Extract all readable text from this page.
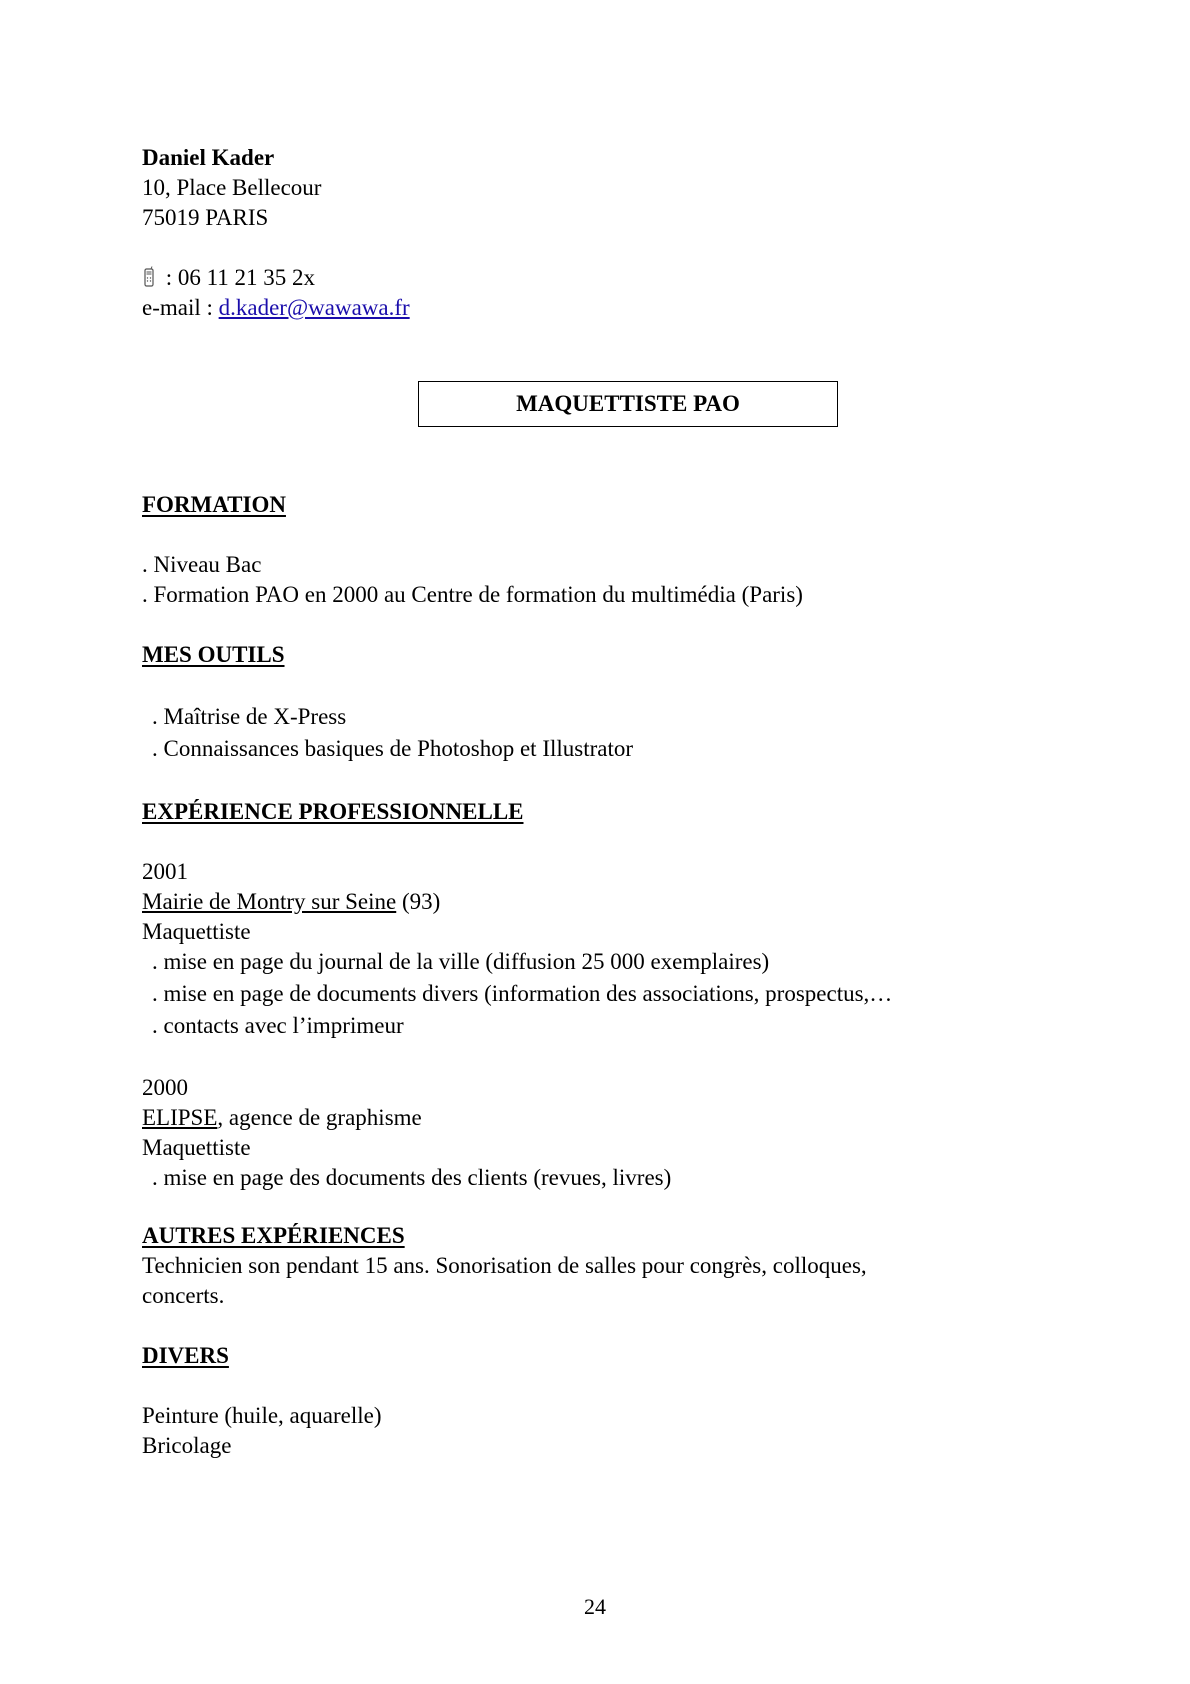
Daniel Kader
10, Place Bellecour
75019 PARIS
: 06 11 21 35 2x
e-mail : d.kader@wawawa.fr
MAQUETTISTE PAO
FORMATION
. Niveau Bac
. Formation PAO en 2000 au Centre de formation du multimédia (Paris)
MES OUTILS
. Maîtrise de X-Press
. Connaissances basiques de Photoshop et Illustrator
EXPÉRIENCE PROFESSIONNELLE
2001
Mairie de Montry sur Seine (93)
Maquettiste
. mise en page du journal de la ville (diffusion 25 000 exemplaires)
. mise en page de documents divers (information des associations, prospectus,…
. contacts avec l’imprimeur
2000
ELIPSE, agence de graphisme
Maquettiste
. mise en page des documents des clients (revues, livres)
AUTRES EXPÉRIENCES
Technicien son pendant 15 ans. Sonorisation de salles pour congrès, colloques,
concerts.
DIVERS
Peinture (huile, aquarelle)
Bricolage
24
